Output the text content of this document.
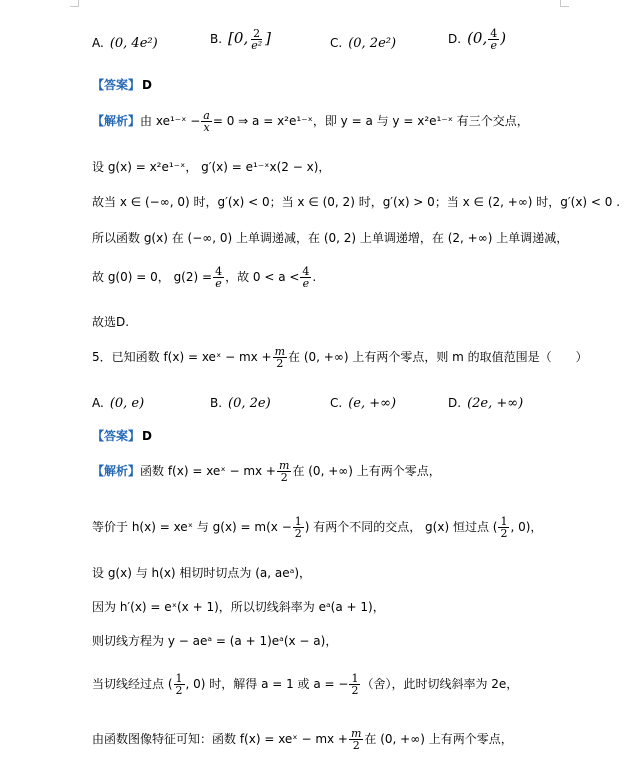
A. (0, 4e²)	B. [0, $\frac{2}{\text{e²}}$ ]	C. (0, 2e²)	D. (0, $\frac{4}{e}$ )
【答案】 D
【解析】由 xe¹⁻ˣ − $\frac{a}{x} = 0$ ⇒ a = x²e¹⁻ˣ，即 y = a 与 y = x²e¹⁻ˣ 有三个交点，
设 g(x) = x²e¹⁻ˣ， g′(x) = e¹⁻ˣx(2 − x)，
故当 x ∈ (−∞, 0) 时，g′(x) < 0；当 x ∈ (0, 2) 时，g′(x) > 0；当 x ∈ (2, +∞) 时，g′(x) < 0 .
所以函数 g(x) 在 (−∞, 0) 上单调递减，在 (0, 2) 上单调递增，在 (2, +∞) 上单调递减，
故 g(0) = 0， $g(2) = \frac{4}{e}$ ，故 $0 < a < \frac{4}{e}$ .
故选D.
5．已知函数 f(x) = xeˣ − mx + $\frac{m}{2}$ 在 (0, +∞) 上有两个零点，则 m 的取值范围是（　　）
A. (0, e)	B. (0, 2e)	C. (e, +∞)	D. (2e, +∞)
【答案】 D
【解析】函数 f(x) = xeˣ − mx + $\frac{m}{2}$ 在 (0, +∞) 上有两个零点，
等价于 h(x) = xeˣ 与 $g(x) = m(x - \frac{1}{2}$ ) 有两个不同的交点， g(x) 恒过点 ( $\frac{1}{2}$ , 0)，
设 g(x) 与 h(x) 相切时切点为 (a, aeᵃ)，
因为 h′(x) = eˣ(x + 1)，所以切线斜率为 eᵃ(a + 1)，
则切线方程为 y − aeᵃ = (a + 1)eᵃ(x − a)，
当切线经过点 ( $\frac{1}{2}$ , 0) 时，解得 a = 1 或 a = − $\frac{1}{2}$ （舍），此时切线斜率为 2e，
由函数图像特征可知：函数 f(x) = xeˣ − mx + $\frac{m}{2}$ 在 (0, +∞) 上有两个零点，
